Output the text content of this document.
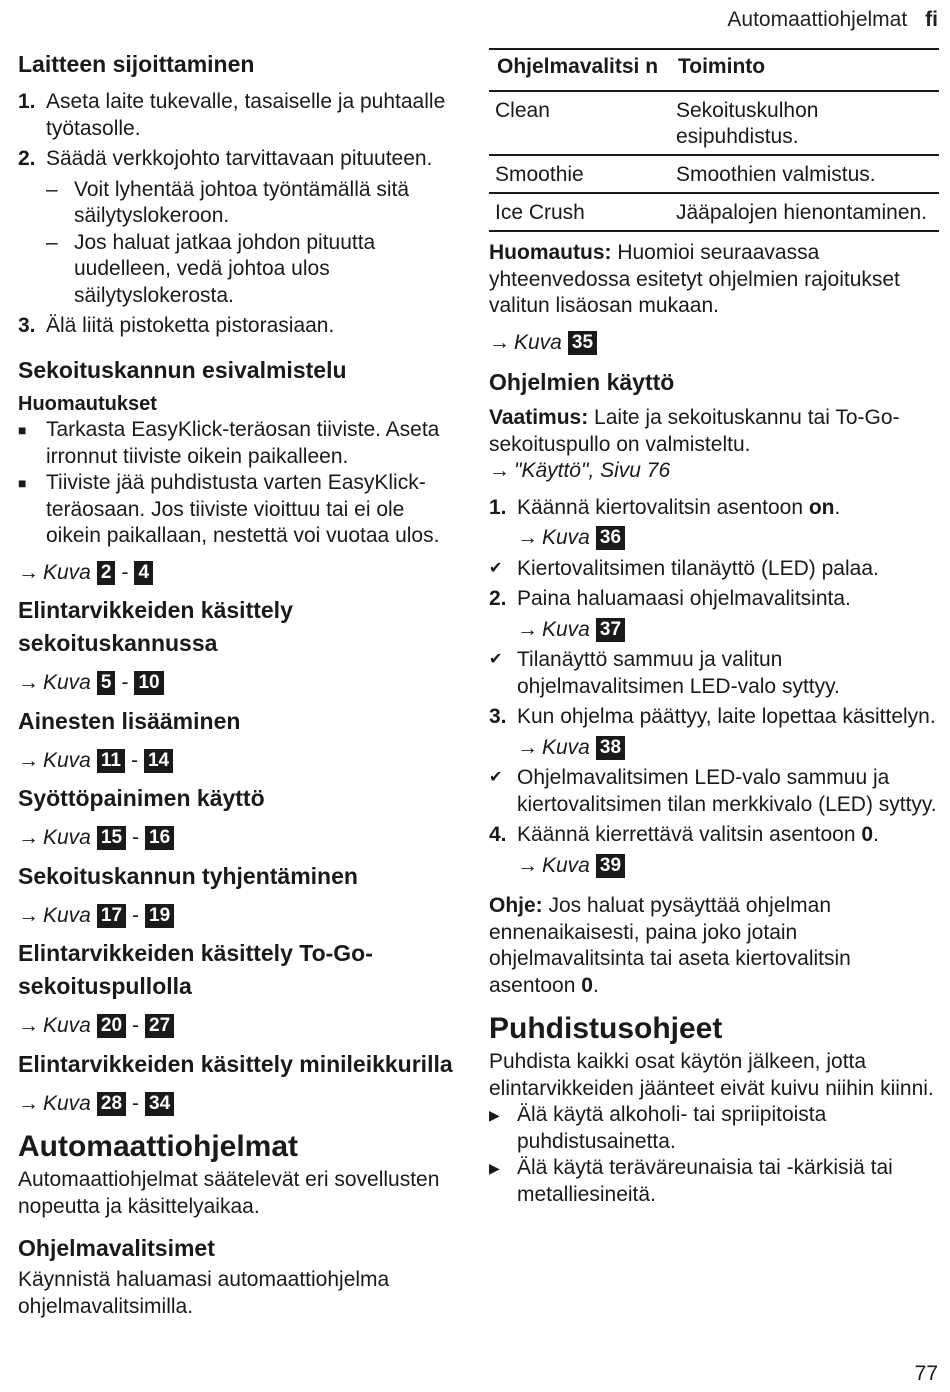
Automaattiohjelmat fi
Laitteen sijoittaminen
1. Aseta laite tukevalle, tasaiselle ja puhtaalle työtasolle.
2. Säädä verkkojohto tarvittavaan pituuteen.
– Voit lyhentää johtoa työntämällä sitä säilytyslokeroon.
– Jos haluat jatkaa johdon pituutta uudelleen, vedä johtoa ulos säilytyslokerosta.
3. Älä liitä pistoketta pistorasiaan.
Sekoituskannun esivalmistelu
Huomautukset
■ Tarkasta EasyKlick-teräosan tiiviste. Aseta irronnut tiiviste oikein paikalleen.
■ Tiiviste jää puhdistusta varten EasyKlick-teräosaan. Jos tiiviste vioittuu tai ei ole oikein paikallaan, nestettä voi vuotaa ulos.
→ Kuva 2 - 4
Elintarvikkeiden käsittely sekoituskannussa
→ Kuva 5 - 10
Ainesten lisääminen
→ Kuva 11 - 14
Syöttöpainimen käyttö
→ Kuva 15 - 16
Sekoituskannun tyhjentäminen
→ Kuva 17 - 19
Elintarvikkeiden käsittely To-Go-sekoituspullolla
→ Kuva 20 - 27
Elintarvikkeiden käsittely minileikkurilla
→ Kuva 28 - 34
Automaattiohjelmat

Automaattiohjelmat säätelevät eri sovellusten nopeutta ja käsittelyaikaa.

Ohjelmavalitsimet

Käynnistä haluamasi automaattiohjelma ohjelmavalitsimilla.

Ohjelmavalitsi n	Toiminto
Clean	Sekoituskulhon esipuhdistus.
Smoothie	Smoothien valmistus.
Ice Crush	Jääpalojen hienontaminen.

Huomautus: Huomioi seuraavassa yhteenvedossa esitetyt ohjelmien rajoitukset valitun lisäosan mukaan.

→ Kuva 35
Ohjelmien käyttö

Vaatimus: Laite ja sekoituskannu tai To-Go-sekoituspullo on valmisteltu.

→ "Käyttö", Sivu 76
1. Käännä kiertovalitsin asentoon on.
→ Kuva 36
✔ Kiertovalitsimen tilanäyttö (LED) palaa.
2. Paina haluamaasi ohjelmavalitsinta.
→ Kuva 37
✔ Tilanäyttö sammuu ja valitun ohjelmavalitsimen LED-valo syttyy.
3. Kun ohjelma päättyy, laite lopettaa käsittelyn.
→ Kuva 38
✔ Ohjelmavalitsimen LED-valo sammuu ja kiertovalitsimen tilan merkkivalo (LED) syttyy.
4. Käännä kierrettävä valitsin asentoon 0.
→ Kuva 39

Ohje: Jos haluat pysäyttää ohjelman ennenaikaisesti, paina joko jotain ohjelmavalitsinta tai aseta kiertovalitsin asentoon 0.

Puhdistusohjeet

Puhdista kaikki osat käytön jälkeen, jotta elintarvikkeiden jäänteet eivät kuivu niihin kiinni.

▶ Älä käytä alkoholi- tai spriipitoista puhdistusainetta.
▶ Älä käytä teräväreunaisia tai -kärkisiä tai metalliesineitä.
77
